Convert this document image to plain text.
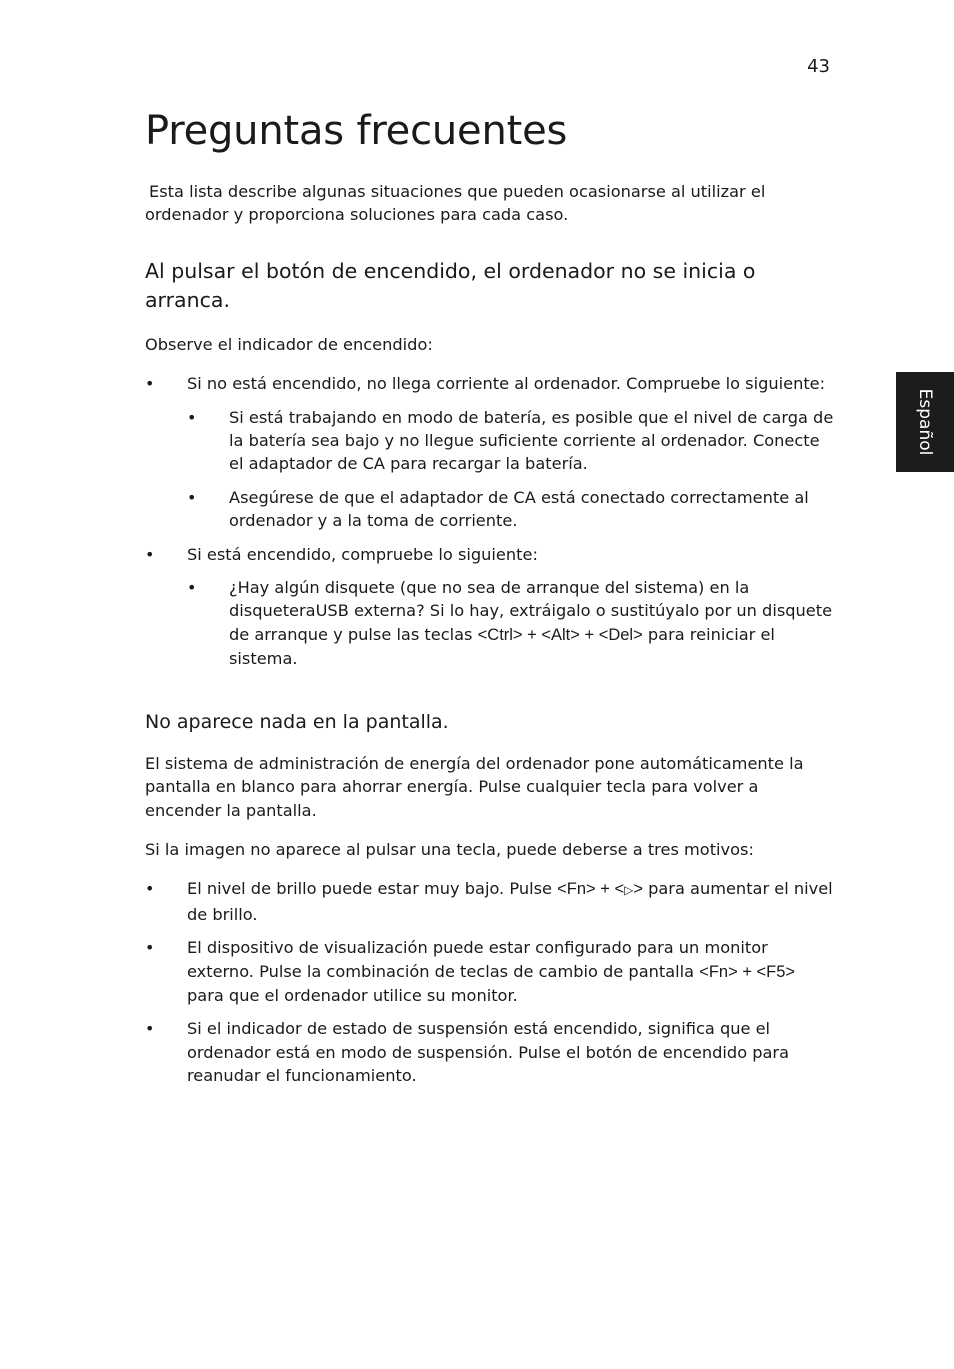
43
Español
Preguntas frecuentes

Esta lista describe algunas situaciones que pueden ocasionarse al utilizar el
ordenador y proporciona soluciones para cada caso.

Al pulsar el botón de encendido, el ordenador no se inicia o arranca.

Observe el indicador de encendido:

• Si no está encendido, no llega corriente al ordenador. Compruebe lo siguiente:
• Si está trabajando en modo de batería, es posible que el nivel de carga de la batería sea bajo y no llegue suficiente corriente al ordenador. Conecte el adaptador de CA para recargar la batería.
• Asegúrese de que el adaptador de CA está conectado correctamente al ordenador y a la toma de corriente.
• Si está encendido, compruebe lo siguiente:
• ¿Hay algún disquete (que no sea de arranque del sistema) en la disqueteraUSB externa? Si lo hay, extráigalo o sustitúyalo por un disquete de arranque y pulse las teclas <Ctrl> + <Alt> + <Del> para reiniciar el sistema.
No aparece nada en la pantalla.

El sistema de administración de energía del ordenador pone automáticamente la pantalla en blanco para ahorrar energía. Pulse cualquier tecla para volver a encender la pantalla.

Si la imagen no aparece al pulsar una tecla, puede deberse a tres motivos:

• El nivel de brillo puede estar muy bajo. Pulse <Fn> + <▷> para aumentar el nivel de brillo.
• El dispositivo de visualización puede estar configurado para un monitor externo. Pulse la combinación de teclas de cambio de pantalla <Fn> + <F5> para que el ordenador utilice su monitor.
• Si el indicador de estado de suspensión está encendido, significa que el ordenador está en modo de suspensión. Pulse el botón de encendido para reanudar el funcionamiento.
